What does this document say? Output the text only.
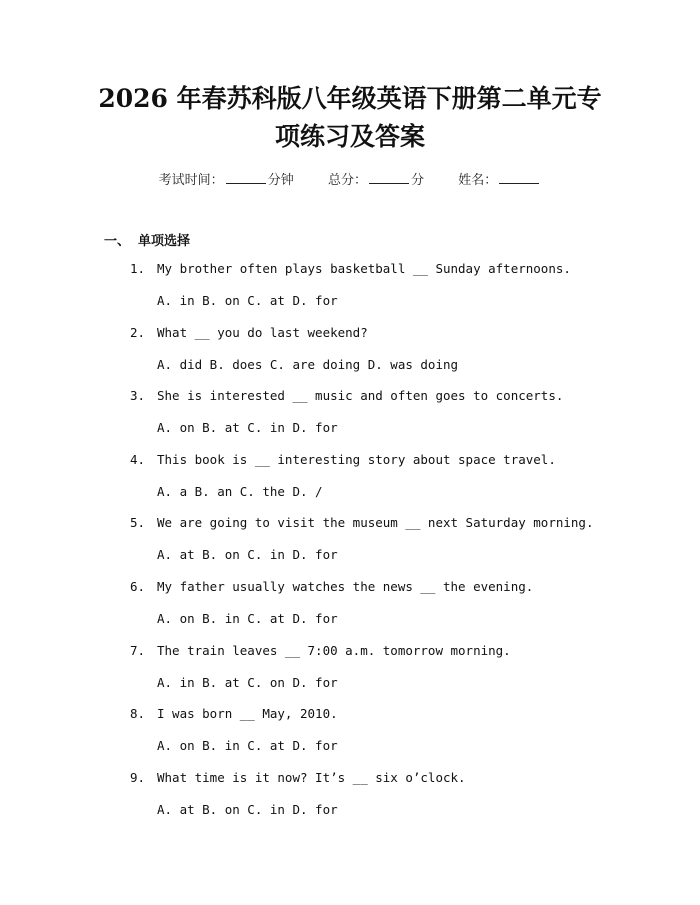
2026 年春苏科版八年级英语下册第二单元专
项练习及答案
考试时间：	分钟	总分：	分	姓名：
一、 单项选择
1. My brother often plays basketball __ Sunday afternoons.
A. in B. on C. at D. for
2. What __ you do last weekend?
A. did B. does C. are doing D. was doing
3. She is interested __ music and often goes to concerts.
A. on B. at C. in D. for
4. This book is __ interesting story about space travel.
A. a B. an C. the D. /
5. We are going to visit the museum __ next Saturday morning.
A. at B. on C. in D. for
6. My father usually watches the news __ the evening.
A. on B. in C. at D. for
7. The train leaves __ 7:00 a.m. tomorrow morning.
A. in B. at C. on D. for
8. I was born __ May, 2010.
A. on B. in C. at D. for
9. What time is it now? It’s __ six o’clock.
A. at B. on C. in D. for
